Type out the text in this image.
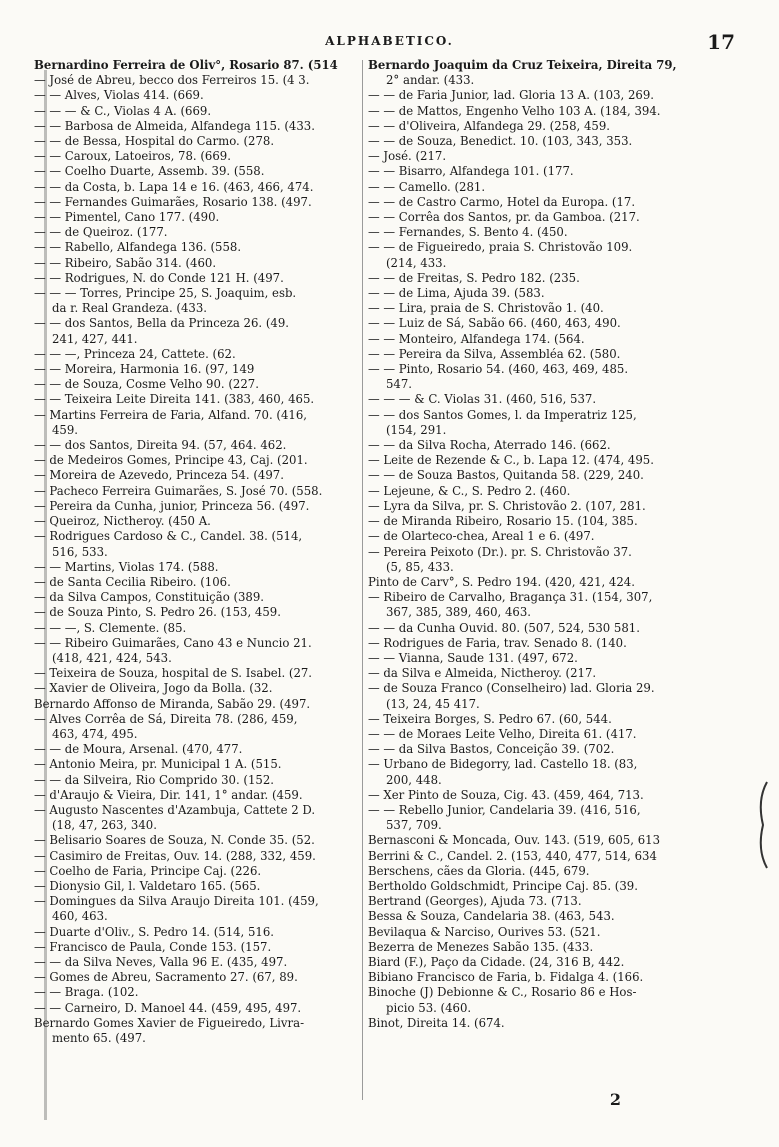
ALPHABETICO.	17

Bernardino Ferreira de Oliv°, Rosario 87. (514

— José de Abreu, becco dos Ferreiros 15. (4 3.

— — Alves, Violas 414. (669.

— — — & C., Violas 4 A. (669.

— — Barbosa de Almeida, Alfandega 115. (433.

— — de Bessa, Hospital do Carmo. (278.

— — Caroux, Latoeiros, 78. (669.

— — Coelho Duarte, Assemb. 39. (558.

— — da Costa, b. Lapa 14 e 16. (463, 466, 474.

— — Fernandes Guimarães, Rosario 138. (497.

— — Pimentel, Cano 177. (490.

— — de Queiroz. (177.

— — Rabello, Alfandega 136. (558.

— — Ribeiro, Sabão 314. (460.

— — Rodrigues, N. do Conde 121 H. (497.

— — — Torres, Principe 25, S. Joaquim, esb.

da r. Real Grandeza. (433.

— — dos Santos, Bella da Princeza 26. (49.

241, 427, 441.

— — —, Princeza 24, Cattete. (62.

— — Moreira, Harmonia 16. (97, 149

— — de Souza, Cosme Velho 90. (227.

— — Teixeira Leite Direita 141. (383, 460, 465.

— Martins Ferreira de Faria, Alfand. 70. (416,

459.

— — dos Santos, Direita 94. (57, 464. 462.

— de Medeiros Gomes, Principe 43, Caj. (201.

— Moreira de Azevedo, Princeza 54. (497.

— Pacheco Ferreira Guimarães, S. José 70. (558.

— Pereira da Cunha, junior, Princeza 56. (497.

— Queiroz, Nictheroy. (450 A.

— Rodrigues Cardoso & C., Candel. 38. (514,

516, 533.

— — Martins, Violas 174. (588.

— de Santa Cecilia Ribeiro. (106.

— da Silva Campos, Constituição (389.

— de Souza Pinto, S. Pedro 26. (153, 459.

— — —, S. Clemente. (85.

— — Ribeiro Guimarães, Cano 43 e Nuncio 21.

(418, 421, 424, 543.

— Teixeira de Souza, hospital de S. Isabel. (27.

— Xavier de Oliveira, Jogo da Bolla. (32.

Bernardo Affonso de Miranda, Sabão 29. (497.

— Alves Corrêa de Sá, Direita 78. (286, 459,

463, 474, 495.

— — de Moura, Arsenal. (470, 477.

— Antonio Meira, pr. Municipal 1 A. (515.

— — da Silveira, Rio Comprido 30. (152.

— d'Araujo & Vieira, Dir. 141, 1° andar. (459.

— Augusto Nascentes d'Azambuja, Cattete 2 D.

(18, 47, 263, 340.

— Belisario Soares de Souza, N. Conde 35. (52.

— Casimiro de Freitas, Ouv. 14. (288, 332, 459.

— Coelho de Faria, Principe Caj. (226.

— Dionysio Gil, l. Valdetaro 165. (565.

— Domingues da Silva Araujo Direita 101. (459,

460, 463.

— Duarte d'Oliv., S. Pedro 14. (514, 516.

— Francisco de Paula, Conde 153. (157.

— — da Silva Neves, Valla 96 E. (435, 497.

— Gomes de Abreu, Sacramento 27. (67, 89.

— — Braga. (102.

— — Carneiro, D. Manoel 44. (459, 495, 497.

Bernardo Gomes Xavier de Figueiredo, Livra-

mento 65. (497.

Bernardo Joaquim da Cruz Teixeira, Direita 79,

2° andar. (433.

— — de Faria Junior, lad. Gloria 13 A. (103, 269.

— — de Mattos, Engenho Velho 103 A. (184, 394.

— — d'Oliveira, Alfandega 29. (258, 459.

— — de Souza, Benedict. 10. (103, 343, 353.

— José. (217.

— — Bisarro, Alfandega 101. (177.

— — Camello. (281.

— — de Castro Carmo, Hotel da Europa. (17.

— — Corrêa dos Santos, pr. da Gamboa. (217.

— — Fernandes, S. Bento 4. (450.

— — de Figueiredo, praia S. Christovão 109.

(214, 433.

— — de Freitas, S. Pedro 182. (235.

— — de Lima, Ajuda 39. (583.

— — Lira, praia de S. Christovão 1. (40.

— — Luiz de Sá, Sabão 66. (460, 463, 490.

— — Monteiro, Alfandega 174. (564.

— — Pereira da Silva, Assembléa 62. (580.

— — Pinto, Rosario 54. (460, 463, 469, 485.

547.

— — — & C. Violas 31. (460, 516, 537.

— — dos Santos Gomes, l. da Imperatriz 125,

(154, 291.

— — da Silva Rocha, Aterrado 146. (662.

— Leite de Rezende & C., b. Lapa 12. (474, 495.

— — de Souza Bastos, Quitanda 58. (229, 240.

— Lejeune, & C., S. Pedro 2. (460.

— Lyra da Silva, pr. S. Christovão 2. (107, 281.

— de Miranda Ribeiro, Rosario 15. (104, 385.

— de Olarteco-chea, Areal 1 e 6. (497.

— Pereira Peixoto (Dr.). pr. S. Christovão 37.

(5, 85, 433.

Pinto de Carv°, S. Pedro 194. (420, 421, 424.

— Ribeiro de Carvalho, Bragança 31. (154, 307,

367, 385, 389, 460, 463.

— — da Cunha Ouvid. 80. (507, 524, 530 581.

— Rodrigues de Faria, trav. Senado 8. (140.

— — Vianna, Saude 131. (497, 672.

— da Silva e Almeida, Nictheroy. (217.

— de Souza Franco (Conselheiro) lad. Gloria 29.

(13, 24, 45 417.

— Teixeira Borges, S. Pedro 67. (60, 544.

— — de Moraes Leite Velho, Direita 61. (417.

— — da Silva Bastos, Conceição 39. (702.

— Urbano de Bidegorry, lad. Castello 18. (83,

200, 448.

— Xer Pinto de Souza, Cig. 43. (459, 464, 713.

— — Rebello Junior, Candelaria 39. (416, 516,

537, 709.

Bernasconi & Moncada, Ouv. 143. (519, 605, 613

Berrini & C., Candel. 2. (153, 440, 477, 514, 634

Berschens, cães da Gloria. (445, 679.

Bertholdo Goldschmidt, Principe Caj. 85. (39.

Bertrand (Georges), Ajuda 73. (713.

Bessa & Souza, Candelaria 38. (463, 543.

Bevilaqua & Narciso, Ourives 53. (521.

Bezerra de Menezes Sabão 135. (433.

Biard (F.), Paço da Cidade. (24, 316 B, 442.

Bibiano Francisco de Faria, b. Fidalga 4. (166.

Binoche (J) Debionne & C., Rosario 86 e Hos-

picio 53. (460.

Binot, Direita 14. (674.

2
